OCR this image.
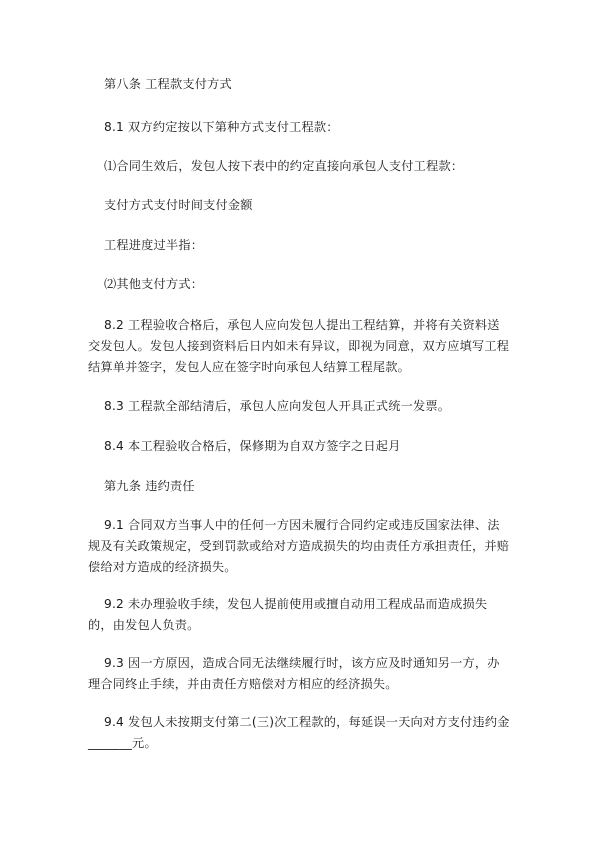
第八条 工程款支付方式

8.1 双方约定按以下第种方式支付工程款：

⑴合同生效后，发包人按下表中的约定直接向承包人支付工程款：

支付方式支付时间支付金额

工程进度过半指：

⑵其他支付方式：

8.2 工程验收合格后，承包人应向发包人提出工程结算，并将有关资料送交发包人。发包人接到资料后日内如未有异议，即视为同意，双方应填写工程结算单并签字，发包人应在签字时向承包人结算工程尾款。

8.3 工程款全部结清后，承包人应向发包人开具正式统一发票。

8.4 本工程验收合格后，保修期为自双方签字之日起月

第九条 违约责任

9.1 合同双方当事人中的任何一方因未履行合同约定或违反国家法律、法规及有关政策规定，受到罚款或给对方造成损失的均由责任方承担责任，并赔偿给对方造成的经济损失。

9.2 未办理验收手续，发包人提前使用或擅自动用工程成品而造成损失的，由发包人负责。

9.3 因一方原因，造成合同无法继续履行时，该方应及时通知另一方，办理合同终止手续，并由责任方赔偿对方相应的经济损失。

9.4 发包人未按期支付第二(三)次工程款的，每延误一天向对方支付违约金_______元。
